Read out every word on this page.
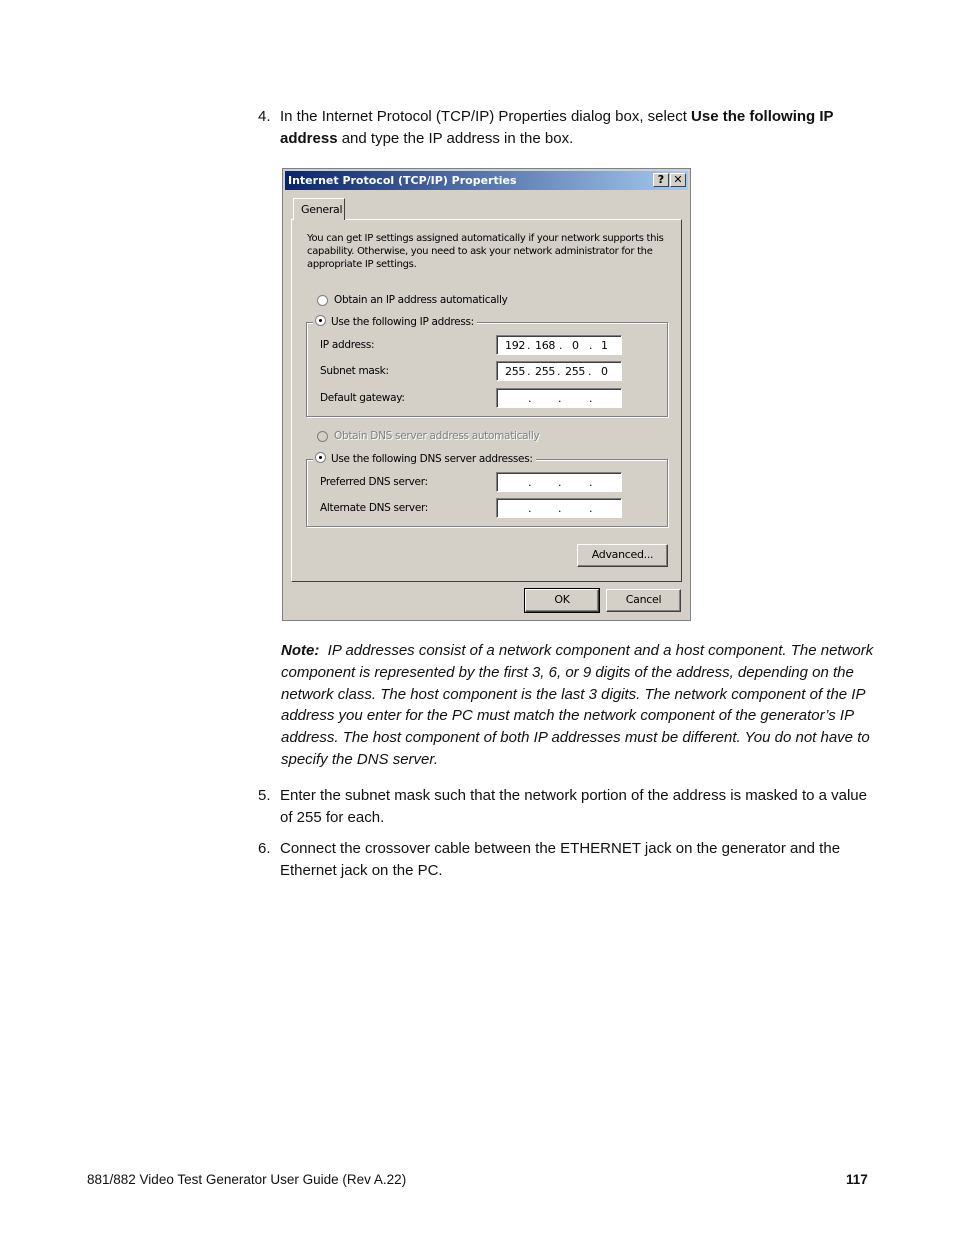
4. In the Internet Protocol (TCP/IP) Properties dialog box, select Use the following IP address and type the IP address in the box.
Internet Protocol (TCP/IP) Properties	? ✕
General
You can get IP settings assigned automatically if your network supports this capability. Otherwise, you need to ask your network administrator for the appropriate IP settings.
Obtain an IP address automatically
Use the following IP address:
IP address:	192 . 168 . 0 . 1
Subnet mask:	255 . 255 . 255 . 0
Default gateway:	. .	.
Obtain DNS server address automatically
Use the following DNS server addresses:
Preferred DNS server:	. .	.
Alternate DNS server:	. .	.
Advanced...
OK	Cancel
Note: IP addresses consist of a network component and a host component. The network component is represented by the first 3, 6, or 9 digits of the address, depending on the network class. The host component is the last 3 digits. The network component of the IP address you enter for the PC must match the network component of the generator’s IP address. The host component of both IP addresses must be different. You do not have to specify the DNS server.
5. Enter the subnet mask such that the network portion of the address is masked to a value of 255 for each.
6. Connect the crossover cable between the ETHERNET jack on the generator and the Ethernet jack on the PC.
881/882 Video Test Generator User Guide (Rev A.22)	117
